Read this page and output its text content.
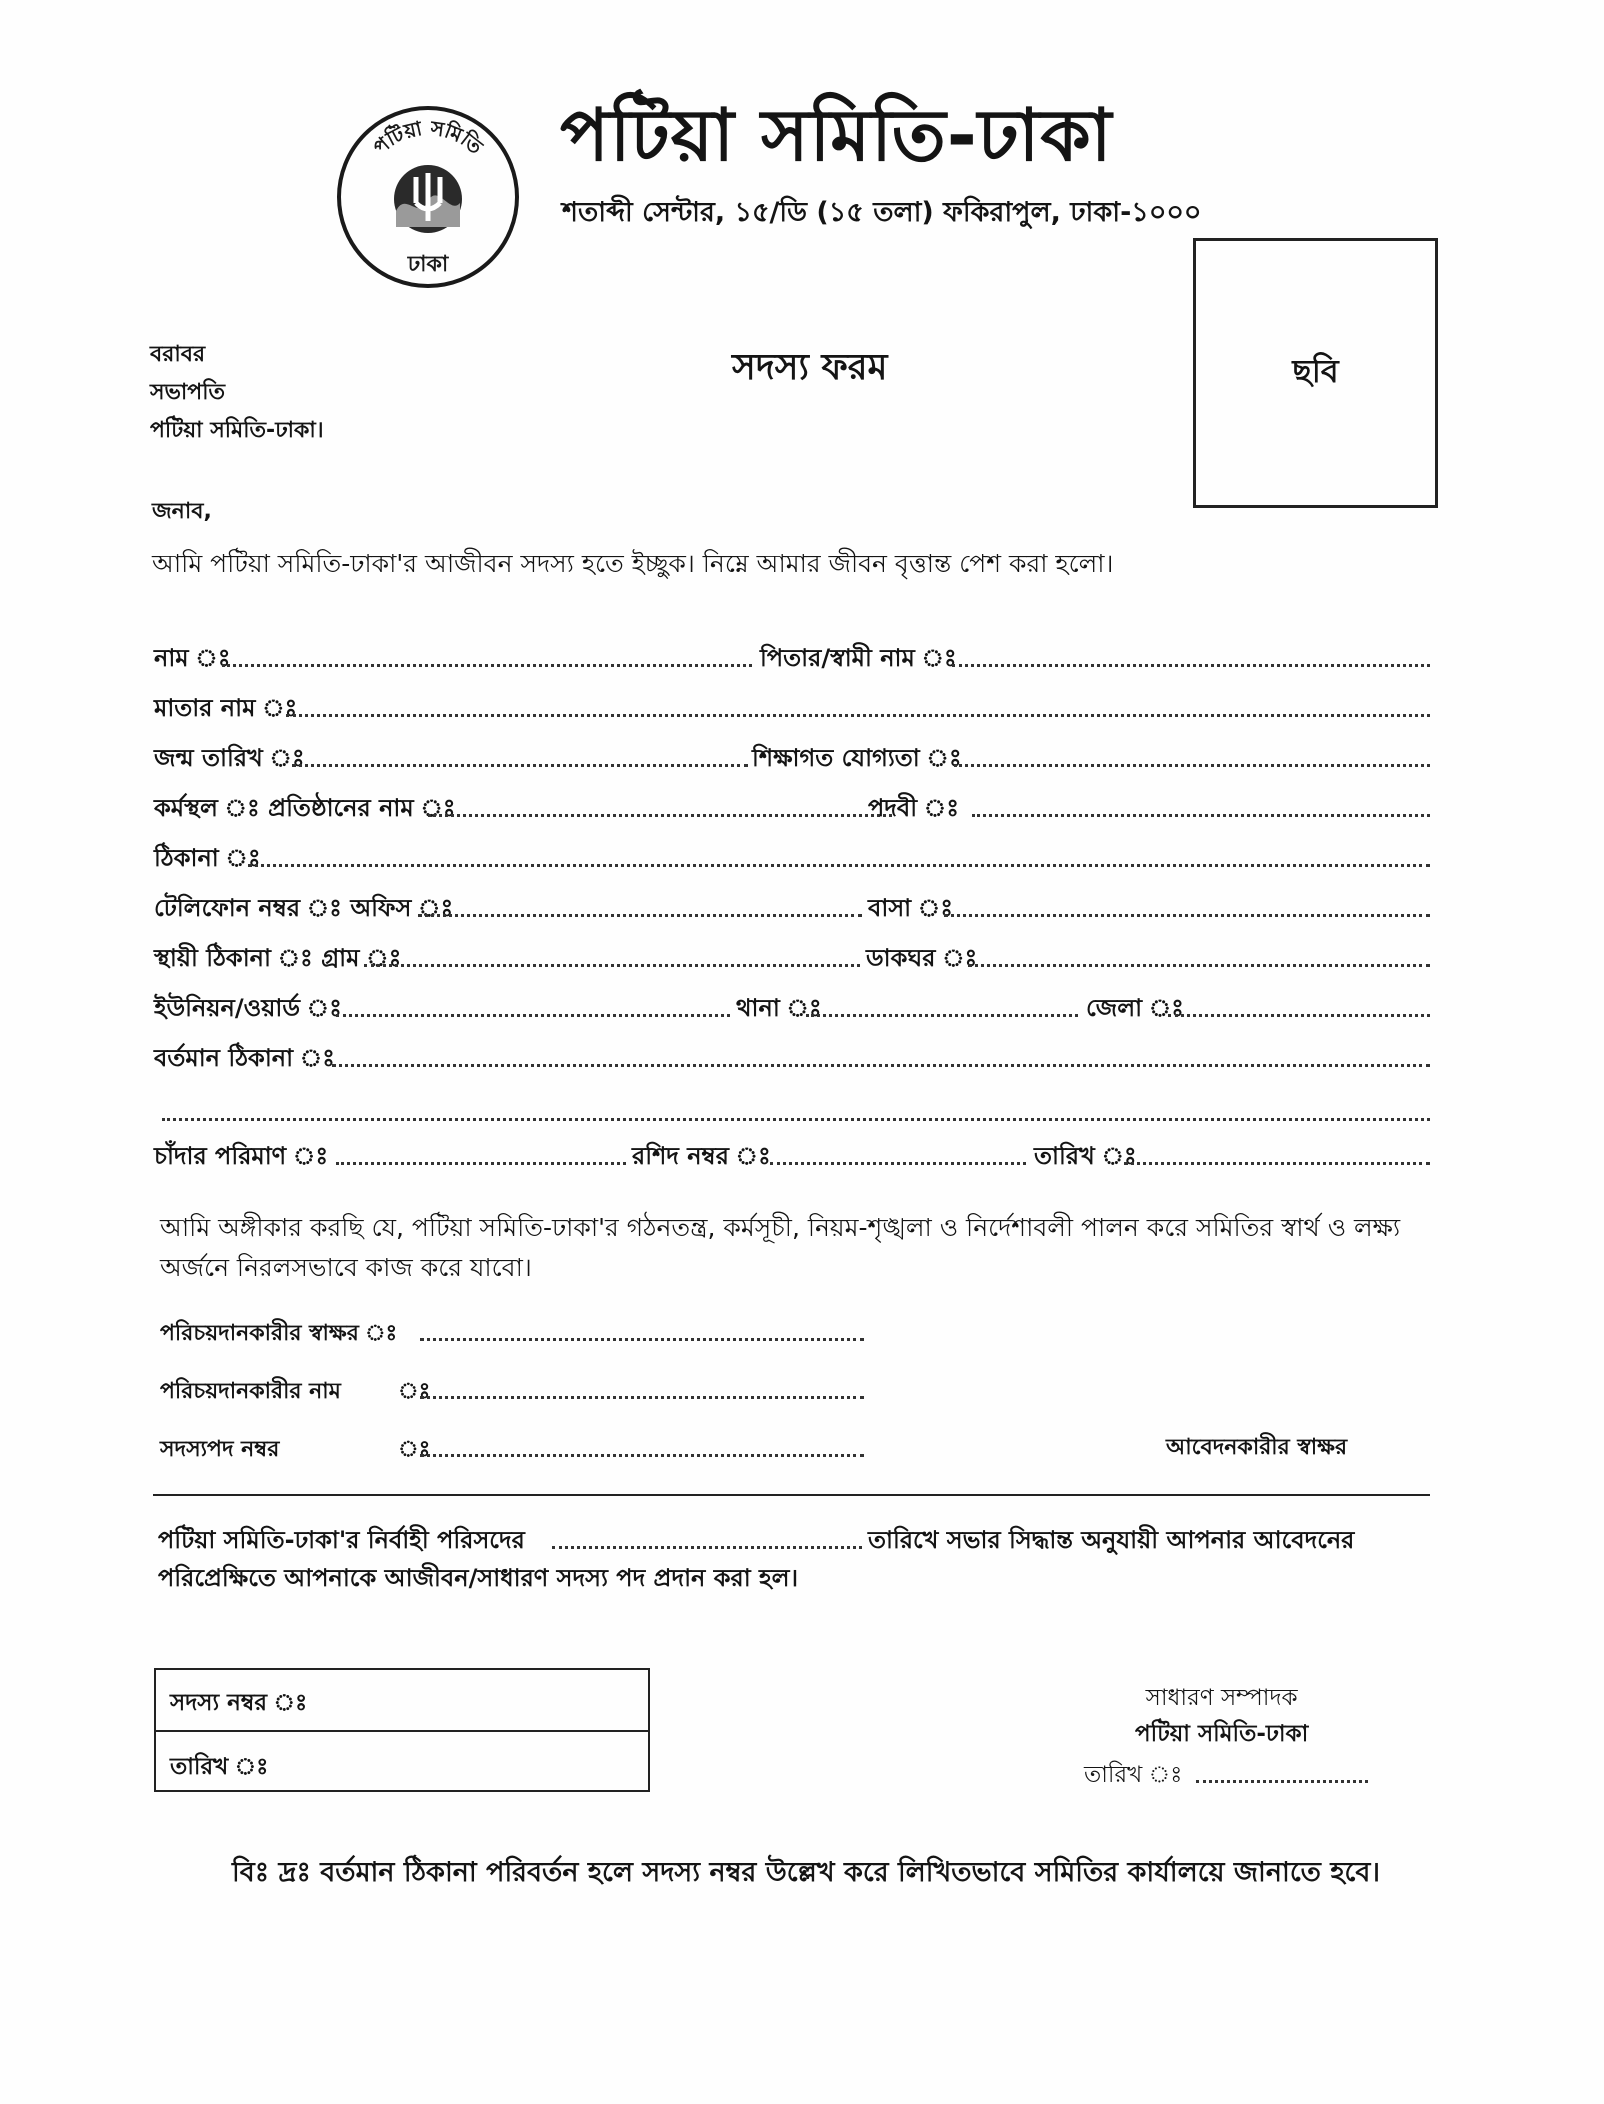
পটিয়া সমিতি
ঢাকা
পটিয়া সমিতি-ঢাকা
শতাব্দী সেন্টার, ১৫/ডি (১৫ তলা) ফকিরাপুল, ঢাকা-১০০০
ছবি
বরাবর
সভাপতি
পটিয়া সমিতি-ঢাকা।
সদস্য ফরম
জনাব,
আমি পটিয়া সমিতি-ঢাকা'র আজীবন সদস্য হতে ইচ্ছুক। নিম্নে আমার জীবন বৃত্তান্ত পেশ করা হলো।
নাম ঃ	পিতার/স্বামী নাম ঃ
মাতার নাম ঃ
জন্ম তারিখ ঃ	শিক্ষাগত যোগ্যতা ঃ
কর্মস্থল ঃ প্রতিষ্ঠানের নাম ঃ	পদবী ঃ
ঠিকানা ঃ
টেলিফোন নম্বর ঃ অফিস ঃ	বাসা ঃ
স্থায়ী ঠিকানা ঃ গ্রাম ঃ	ডাকঘর ঃ
ইউনিয়ন/ওয়ার্ড ঃ	থানা ঃ	জেলা ঃ
বর্তমান ঠিকানা ঃ
চাঁদার পরিমাণ ঃ	রশিদ নম্বর ঃ	তারিখ ঃ
আমি অঙ্গীকার করছি যে, পটিয়া সমিতি-ঢাকা'র গঠনতন্ত্র, কর্মসূচী, নিয়ম-শৃঙ্খলা ও নির্দেশাবলী পালন করে সমিতির স্বার্থ ও লক্ষ্য
অর্জনে নিরলসভাবে কাজ করে যাবো।
পরিচয়দানকারীর স্বাক্ষর ঃ
পরিচয়দানকারীর নাম	ঃ
সদস্যপদ নম্বর	ঃ	আবেদনকারীর স্বাক্ষর
পটিয়া সমিতি-ঢাকা'র নির্বাহী পরিসদের	তারিখে সভার সিদ্ধান্ত অনুযায়ী আপনার আবেদনের
পরিপ্রেক্ষিতে আপনাকে আজীবন/সাধারণ সদস্য পদ প্রদান করা হল।
সদস্য নম্বর ঃ
তারিখ ঃ
সাধারণ সম্পাদক
পটিয়া সমিতি-ঢাকা
তারিখ ঃ
বিঃ দ্রঃ বর্তমান ঠিকানা পরিবর্তন হলে সদস্য নম্বর উল্লেখ করে লিখিতভাবে সমিতির কার্যালয়ে জানাতে হবে।
